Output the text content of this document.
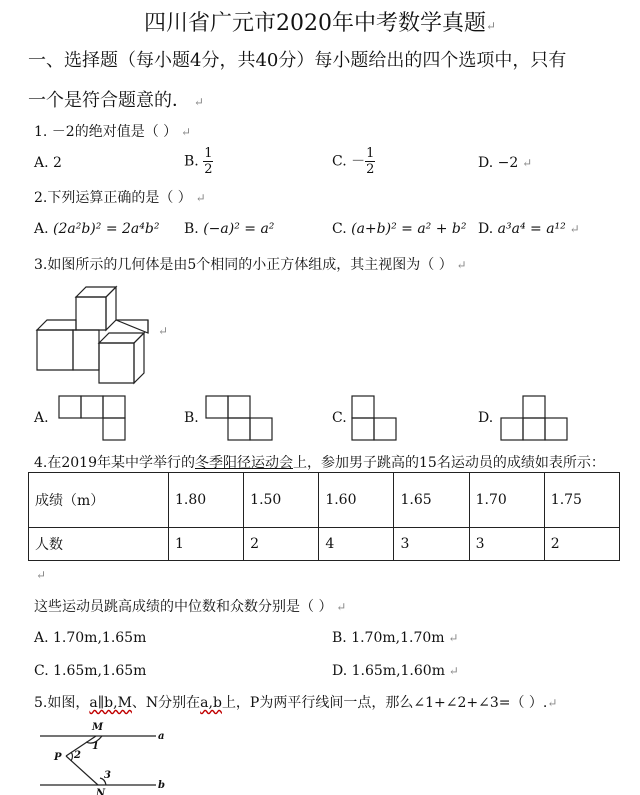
四川省广元市2020年中考数学真题↵
一、选择题（每小题4分，共40分）每小题给出的四个选项中，只有
一个是符合题意的． ↵
1. －2的绝对值是（ ） ↵
A. 2	B. $\frac{1}{2}$	C. － $\frac{1}{2}$	D. −2 ↵
2.下列运算正确的是（ ） ↵
A. (2a²b)² = 2a⁴b² B. (−a)² = a²	C. (a+b)² = a² + b² D. a³a⁴ = a¹² ↵
3.如图所示的几何体是由5个相同的小正方体组成，其主视图为（ ） ↵
↵
A.	B.	C.	D.
4.在2019年某中学举行的冬季阳径运动会上，参加男子跳高的15名运动员的成绩如表所示：
成绩（m）	1.80	1.50	1.60	1.65	1.70	1.75
人数	1	2	4	3	3	2
↵
这些运动员跳高成绩的中位数和众数分别是（ ） ↵
A. 1.70m,1.65m	B. 1.70m,1.70m ↵
C. 1.65m,1.65m	D. 1.65m,1.60m ↵
5.如图，a∥b,M、N分别在a,b上，P为两平行线间一点，那么∠1+∠2+∠3=（ ）.↵
M
a
P 2
1
3
b
N
